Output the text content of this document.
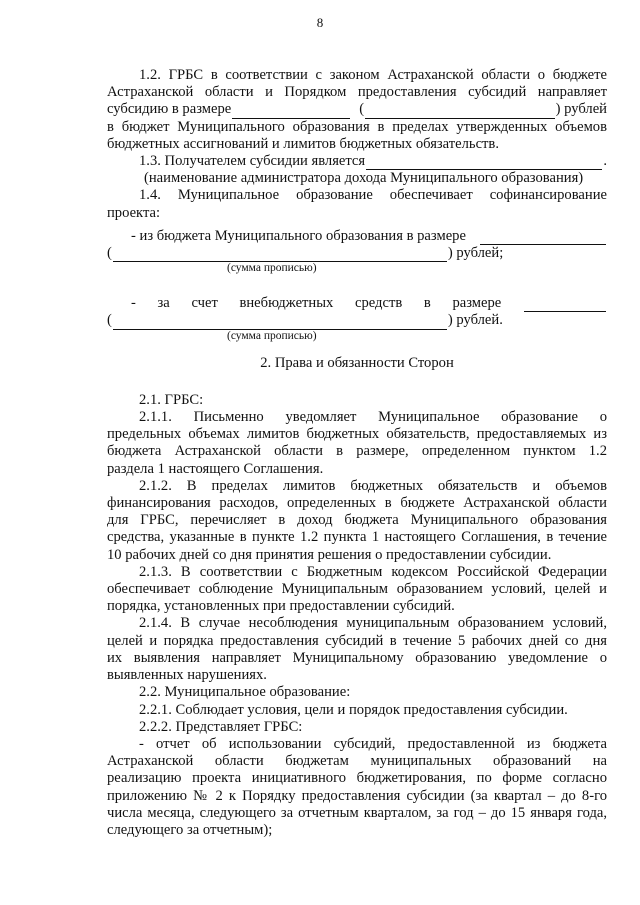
8

1.2. ГРБС в соответствии с законом Астраханской области о бюджете

Астраханской области и Порядком предоставления субсидий направляет

субсидию в размере	(	) рублей

в бюджет Муниципального образования в пределах утвержденных объемов

бюджетных ассигнований и лимитов бюджетных обязательств.

1.3. Получателем субсидии является	.

(наименование администратора дохода Муниципального образования)

1.4. Муниципальное образование обеспечивает софинансирование

проекта:

- из бюджета Муниципального образования в размере
(	) рублей;

(сумма прописью)

- за счет внебюджетных средств в размере
(	) рублей.

(сумма прописью)

2. Права и обязанности Сторон

2.1. ГРБС:

2.1.1. Письменно уведомляет Муниципальное образование о

предельных объемах лимитов бюджетных обязательств, предоставляемых из

бюджета Астраханской области в размере, определенном пунктом 1.2

раздела 1 настоящего Соглашения.

2.1.2. В пределах лимитов бюджетных обязательств и объемов

финансирования расходов, определенных в бюджете Астраханской области

для ГРБС, перечисляет в доход бюджета Муниципального образования

средства, указанные в пункте 1.2 пункта 1 настоящего Соглашения, в течение

10 рабочих дней со дня принятия решения о предоставлении субсидии.

2.1.3. В соответствии с Бюджетным кодексом Российской Федерации

обеспечивает соблюдение Муниципальным образованием условий, целей и

порядка, установленных при предоставлении субсидий.

2.1.4. В случае несоблюдения муниципальным образованием условий,

целей и порядка предоставления субсидий в течение 5 рабочих дней со дня

их выявления направляет Муниципальному образованию уведомление о

выявленных нарушениях.

2.2. Муниципальное образование:

2.2.1. Соблюдает условия, цели и порядок предоставления субсидии.

2.2.2. Представляет ГРБС:

- отчет об использовании субсидий, предоставленной из бюджета

Астраханской области бюджетам муниципальных образований на

реализацию проекта инициативного бюджетирования, по форме согласно

приложению № 2 к Порядку предоставления субсидии (за квартал – до 8-го

числа месяца, следующего за отчетным кварталом, за год – до 15 января года,

следующего за отчетным);
